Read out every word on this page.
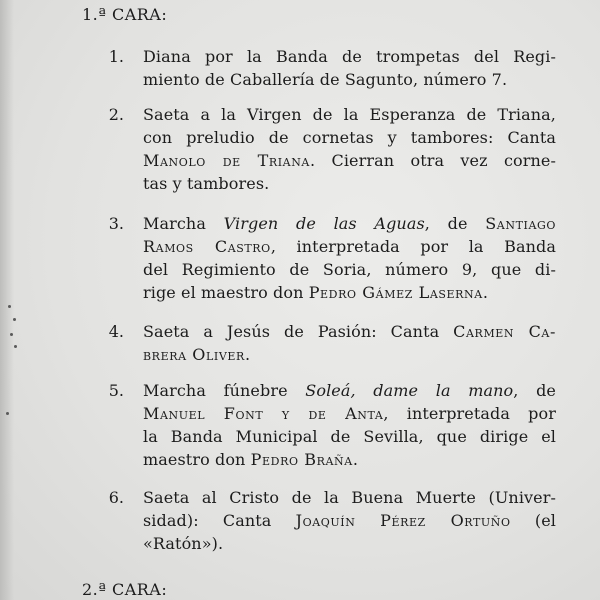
1.ª CARA:
1. Diana por la Banda de trompetas del Regi-
miento de Caballería de Sagunto, número 7.
2. Saeta a la Virgen de la Esperanza de Triana,
con preludio de cornetas y tambores: Canta
Manolo de Triana. Cierran otra vez corne-
tas y tambores.
3. Marcha Virgen de las Aguas, de Santiago
Ramos Castro, interpretada por la Banda
del Regimiento de Soria, número 9, que di-
rige el maestro don Pedro Gámez Laserna.
4. Saeta a Jesús de Pasión: Canta Carmen Ca-
brera Oliver.
5. Marcha fúnebre Soleá, dame la mano, de
Manuel Font y de Anta, interpretada por
la Banda Municipal de Sevilla, que dirige el
maestro don Pedro Braña.
6. Saeta al Cristo de la Buena Muerte (Univer-
sidad): Canta Joaquín Pérez Ortuño (el
«Ratón»).
2.ª CARA:
